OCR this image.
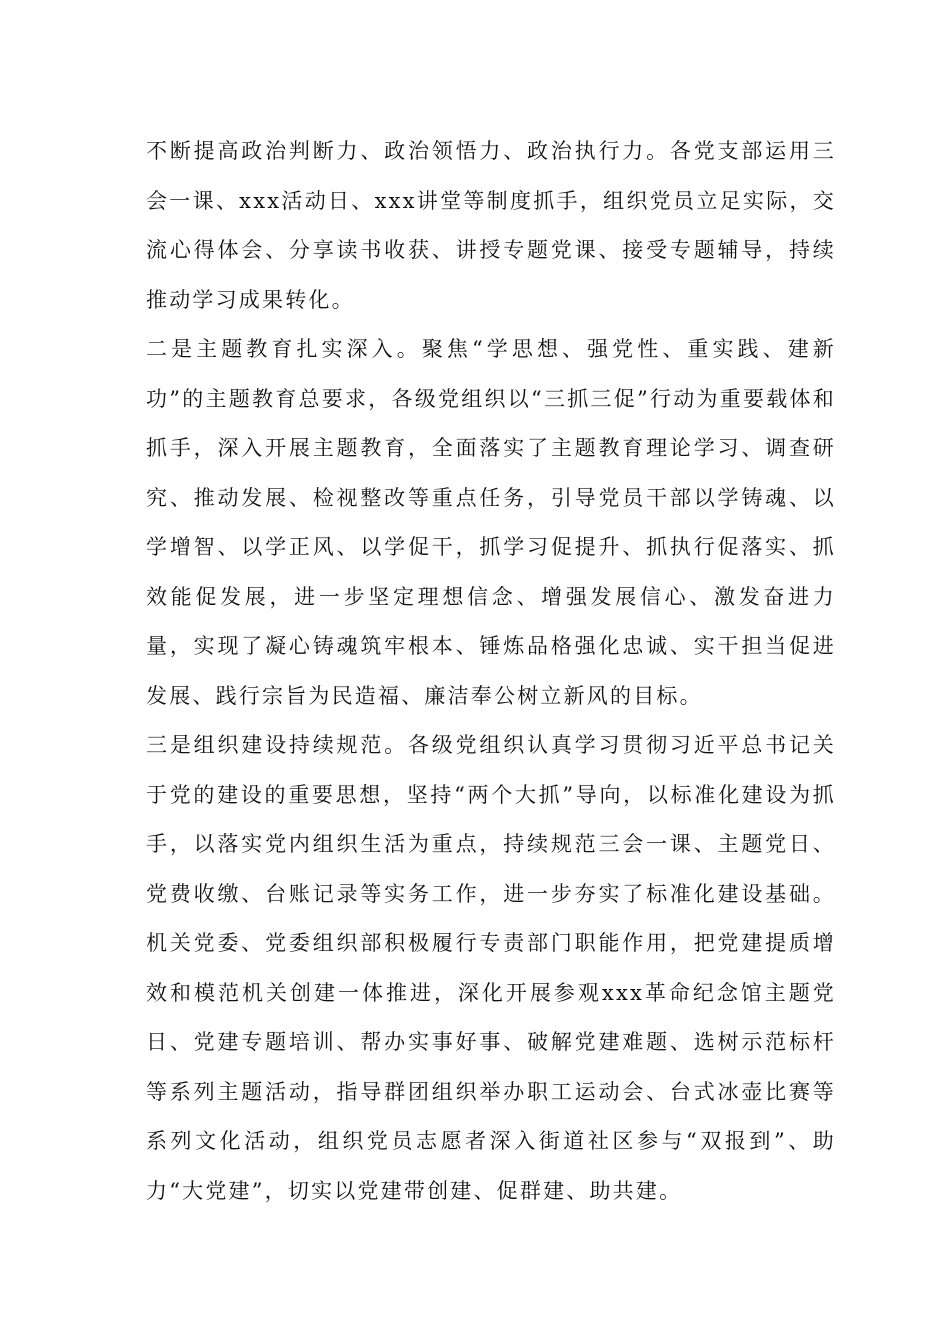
不断提高政治判断力、政治领悟力、政治执行力。各党支部运用三会一课、xxx活动日、xxx讲堂等制度抓手，组织党员立足实际，交流心得体会、分享读书收获、讲授专题党课、接受专题辅导，持续推动学习成果转化。

二是主题教育扎实深入。聚焦“学思想、强党性、重实践、建新功”的主题教育总要求，各级党组织以“三抓三促”行动为重要载体和抓手，深入开展主题教育，全面落实了主题教育理论学习、调查研究、推动发展、检视整改等重点任务，引导党员干部以学铸魂、以学增智、以学正风、以学促干，抓学习促提升、抓执行促落实、抓效能促发展，进一步坚定理想信念、增强发展信心、激发奋进力量，实现了凝心铸魂筑牢根本、锤炼品格强化忠诚、实干担当促进发展、践行宗旨为民造福、廉洁奉公树立新风的目标。

三是组织建设持续规范。各级党组织认真学习贯彻习近平总书记关于党的建设的重要思想，坚持“两个大抓”导向，以标准化建设为抓手，以落实党内组织生活为重点，持续规范三会一课、主题党日、党费收缴、台账记录等实务工作，进一步夯实了标准化建设基础。机关党委、党委组织部积极履行专责部门职能作用，把党建提质增效和模范机关创建一体推进，深化开展参观xxx革命纪念馆主题党日、党建专题培训、帮办实事好事、破解党建难题、选树示范标杆等系列主题活动，指导群团组织举办职工运动会、台式冰壶比赛等系列文化活动，组织党员志愿者深入街道社区参与“双报到”、助力“大党建”，切实以党建带创建、促群建、助共建。
